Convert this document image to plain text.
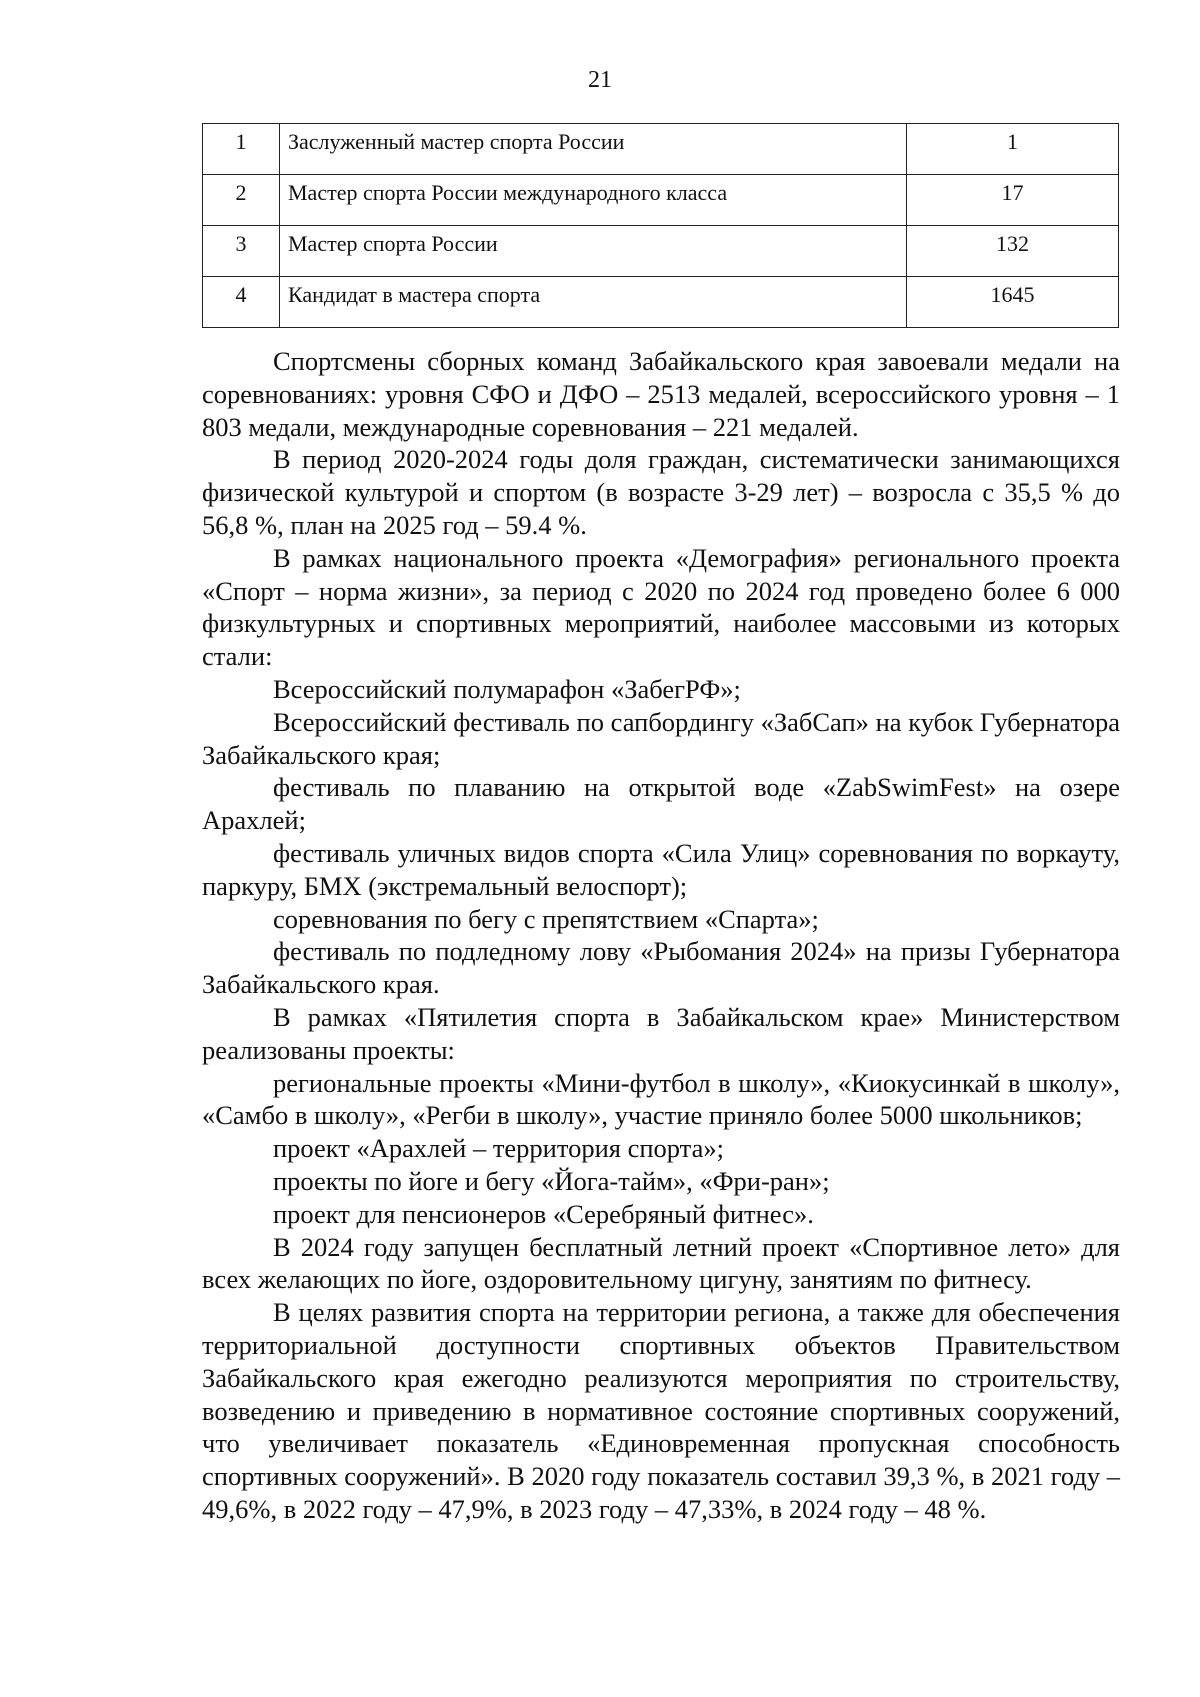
21
1	Заслуженный мастер спорта России	1
2	Мастер спорта России международного класса	17
3	Мастер спорта России	132
4	Кандидат в мастера спорта	1645

Спортсмены сборных команд Забайкальского края завоевали медали на соревнованиях: уровня СФО и ДФО – 2513 медалей, всероссийского уровня – 1 803 медали, международные соревнования – 221 медалей.

В период 2020-2024 годы доля граждан, систематически занимающихся физической культурой и спортом (в возрасте 3-29 лет) – возросла с 35,5 % до 56,8 %, план на 2025 год – 59.4 %.

В рамках национального проекта «Демография» регионального проекта «Спорт – норма жизни», за период с 2020 по 2024 год проведено более 6 000 физкультурных и спортивных мероприятий, наиболее массовыми из которых стали:

Всероссийский полумарафон «ЗабегРФ»;

Всероссийский фестиваль по сапбордингу «ЗабСап» на кубок Губернатора Забайкальского края;

фестиваль по плаванию на открытой воде «ZabSwimFest» на озере Арахлей;

фестиваль уличных видов спорта «Сила Улиц» соревнования по воркауту, паркуру, БМХ (экстремальный велоспорт);

соревнования по бегу с препятствием «Спарта»;

фестиваль по подледному лову «Рыбомания 2024» на призы Губернатора Забайкальского края.

В рамках «Пятилетия спорта в Забайкальском крае» Министерством реализованы проекты:

региональные проекты «Мини-футбол в школу», «Киокусинкай в школу», «Самбо в школу», «Регби в школу», участие приняло более 5000 школьников;

проект «Арахлей – территория спорта»;

проекты по йоге и бегу «Йога-тайм», «Фри-ран»;

проект для пенсионеров «Серебряный фитнес».

В 2024 году запущен бесплатный летний проект «Спортивное лето» для всех желающих по йоге, оздоровительному цигуну, занятиям по фитнесу.

В целях развития спорта на территории региона, а также для обеспечения территориальной доступности спортивных объектов Правительством Забайкальского края ежегодно реализуются мероприятия по строительству, возведению и приведению в нормативное состояние спортивных сооружений, что увеличивает показатель «Единовременная пропускная способность спортивных сооружений». В 2020 году показатель составил 39,3 %, в 2021 году – 49,6%, в 2022 году – 47,9%, в 2023 году – 47,33%, в 2024 году – 48 %.
